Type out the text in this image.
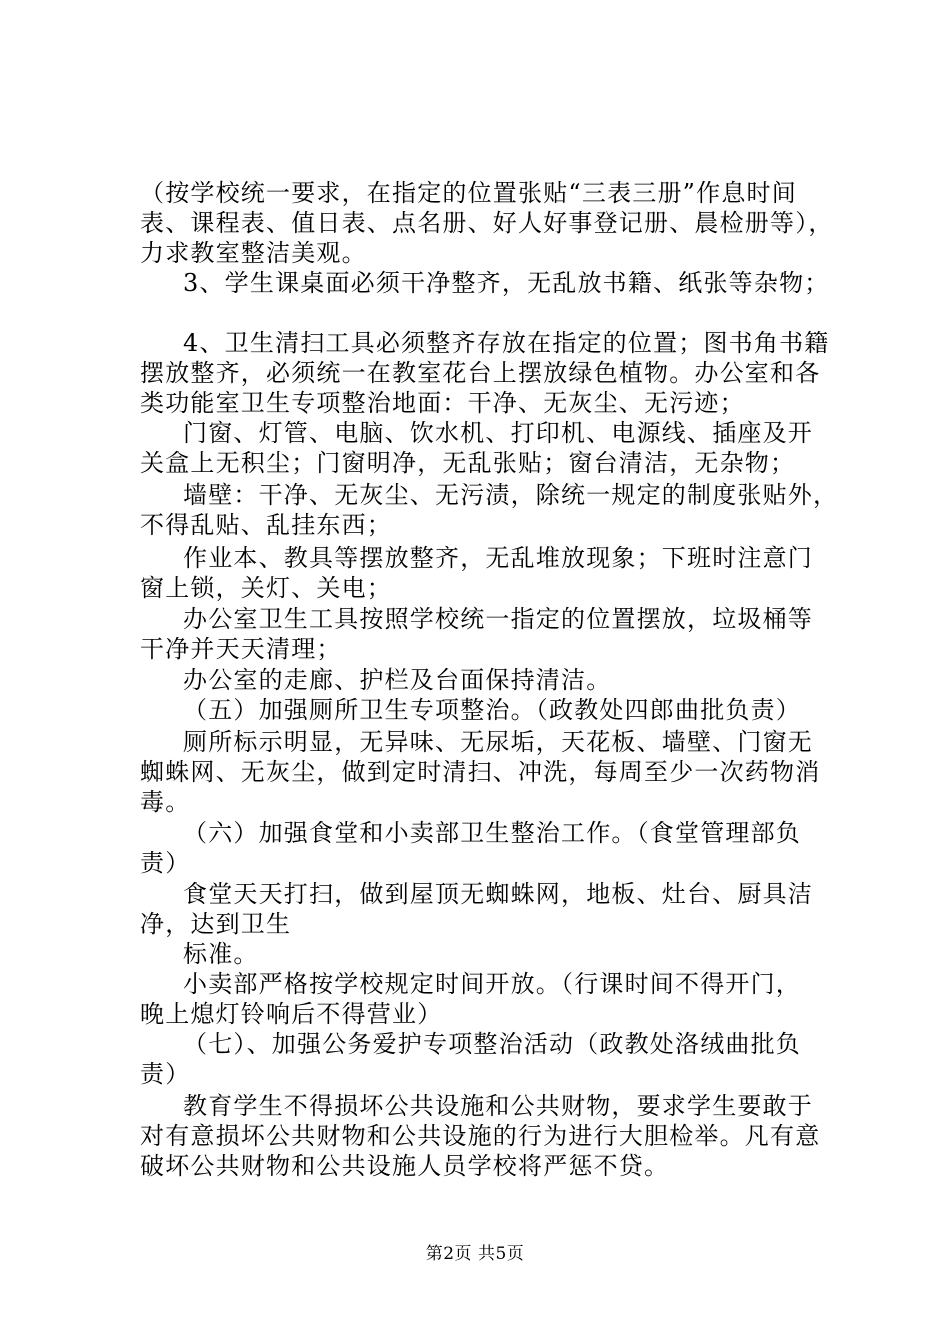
（按学校统一要求，在指定的位置张贴“三表三册”作息时间
表、课程表、值日表、点名册、好人好事登记册、晨检册等），
力求教室整洁美观。
3、学生课桌面必须干净整齐，无乱放书籍、纸张等杂物；
4、卫生清扫工具必须整齐存放在指定的位置；图书角书籍
摆放整齐，必须统一在教室花台上摆放绿色植物。办公室和各
类功能室卫生专项整治地面：干净、无灰尘、无污迹；
门窗、灯管、电脑、饮水机、打印机、电源线、插座及开
关盒上无积尘；门窗明净，无乱张贴；窗台清洁，无杂物；
墙壁：干净、无灰尘、无污渍，除统一规定的制度张贴外，
不得乱贴、乱挂东西；
作业本、教具等摆放整齐，无乱堆放现象；下班时注意门
窗上锁，关灯、关电；
办公室卫生工具按照学校统一指定的位置摆放，垃圾桶等
干净并天天清理；
办公室的走廊、护栏及台面保持清洁。
（五）加强厕所卫生专项整治。（政教处四郎曲批负责）
厕所标示明显，无异味、无尿垢，天花板、墙壁、门窗无
蜘蛛网、无灰尘，做到定时清扫、冲洗，每周至少一次药物消
毒。
（六）加强食堂和小卖部卫生整治工作。（食堂管理部负
责）
食堂天天打扫，做到屋顶无蜘蛛网，地板、灶台、厨具洁
净，达到卫生
标准。
小卖部严格按学校规定时间开放。（行课时间不得开门，
晚上熄灯铃响后不得营业）
（七）、加强公务爱护专项整治活动（政教处洛绒曲批负
责）
教育学生不得损坏公共设施和公共财物，要求学生要敢于
对有意损坏公共财物和公共设施的行为进行大胆检举。凡有意
破坏公共财物和公共设施人员学校将严惩不贷。
第2页 共5页
